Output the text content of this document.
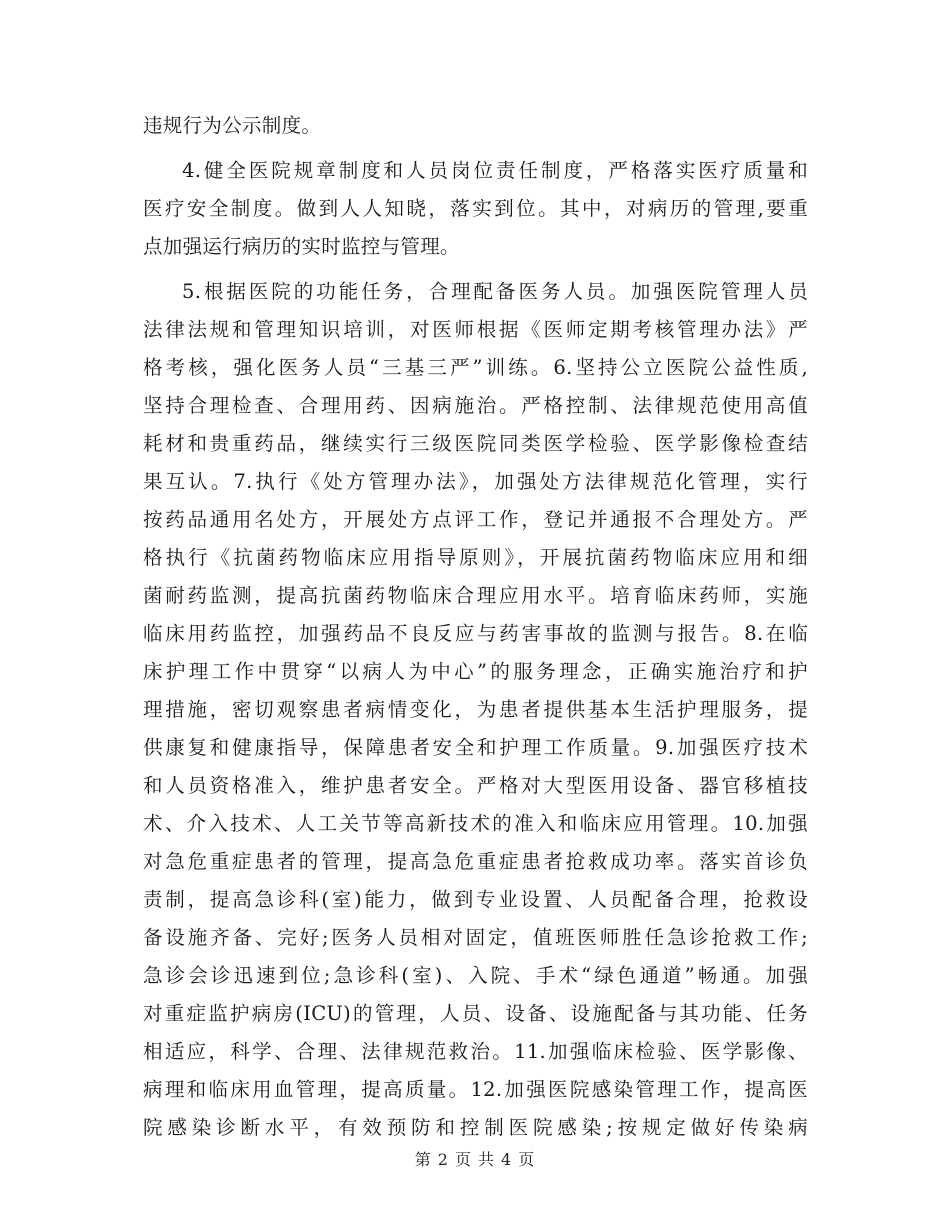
违规行为公示制度。
4.健全医院规章制度和人员岗位责任制度，严格落实医疗质量和
医疗安全制度。做到人人知晓，落实到位。其中，对病历的管理,要重
点加强运行病历的实时监控与管理。
5.根据医院的功能任务，合理配备医务人员。加强医院管理人员
法律法规和管理知识培训，对医师根据《医师定期考核管理办法》严
格考核，强化医务人员“三基三严”训练。6.坚持公立医院公益性质,
坚持合理检查、合理用药、因病施治。严格控制、法律规范使用高值
耗材和贵重药品，继续实行三级医院同类医学检验、医学影像检查结
果互认。7.执行《处方管理办法》，加强处方法律规范化管理，实行
按药品通用名处方，开展处方点评工作，登记并通报不合理处方。严
格执行《抗菌药物临床应用指导原则》，开展抗菌药物临床应用和细
菌耐药监测，提高抗菌药物临床合理应用水平。培育临床药师，实施
临床用药监控，加强药品不良反应与药害事故的监测与报告。8.在临
床护理工作中贯穿“以病人为中心”的服务理念，正确实施治疗和护
理措施，密切观察患者病情变化，为患者提供基本生活护理服务，提
供康复和健康指导，保障患者安全和护理工作质量。9.加强医疗技术
和人员资格准入，维护患者安全。严格对大型医用设备、器官移植技
术、介入技术、人工关节等高新技术的准入和临床应用管理。10.加强
对急危重症患者的管理，提高急危重症患者抢救成功率。落实首诊负
责制，提高急诊科(室)能力，做到专业设置、人员配备合理，抢救设
备设施齐备、完好;医务人员相对固定，值班医师胜任急诊抢救工作;
急诊会诊迅速到位;急诊科(室)、入院、手术“绿色通道”畅通。加强
对重症监护病房(ICU)的管理，人员、设备、设施配备与其功能、任务
相适应，科学、合理、法律规范救治。11.加强临床检验、医学影像、
病理和临床用血管理，提高质量。12.加强医院感染管理工作，提高医
院感染诊断水平，有效预防和控制医院感染;按规定做好传染病
第 2 页 共 4 页
